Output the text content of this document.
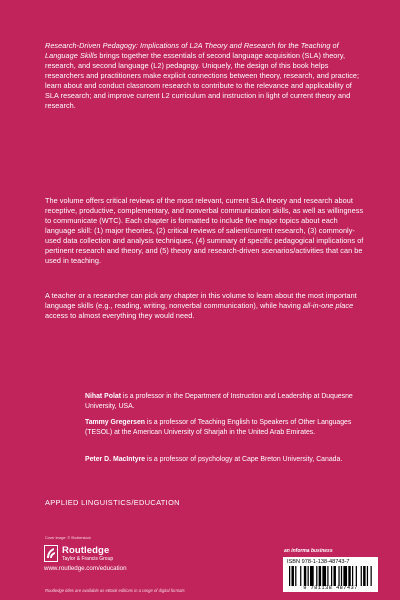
Research-Driven Pedagogy: Implications of L2A Theory and Research for the Teaching of Language Skills brings together the essentials of second language acquisition (SLA) theory, research, and second language (L2) pedagogy. Uniquely, the design of this book helps researchers and practitioners make explicit connections between theory, research, and practice; learn about and conduct classroom research to contribute to the relevance and applicability of SLA research; and improve current L2 curriculum and instruction in light of current theory and research.

The volume offers critical reviews of the most relevant, current SLA theory and research about receptive, productive, complementary, and nonverbal communication skills, as well as willingness to communicate (WTC). Each chapter is formatted to include five major topics about each language skill: (1) major theories, (2) critical reviews of salient/current research, (3) commonly-used data collection and analysis techniques, (4) summary of specific pedagogical implications of pertinent research and theory, and (5) theory and research-driven scenarios/activities that can be used in teaching.

A teacher or a researcher can pick any chapter in this volume to learn about the most important language skills (e.g., reading, writing, nonverbal communication), while having all-in-one place access to almost everything they would need.

Nihat Polat is a professor in the Department of Instruction and Leadership at Duquesne University, USA.

Tammy Gregersen is a professor of Teaching English to Speakers of Other Languages (TESOL) at the American University of Sharjah in the United Arab Emirates.

Peter D. MacIntyre is a professor of psychology at Cape Breton University, Canada.

APPLIED LINGUISTICS/EDUCATION
Cover image: © Shutterstock
Routledge
Taylor & Francis Group
www.routledge.com/education
an informa business
ISBN 978-1-138-48743-7
9 781138 487437
Routledge titles are available as eBook editions in a range of digital formats
